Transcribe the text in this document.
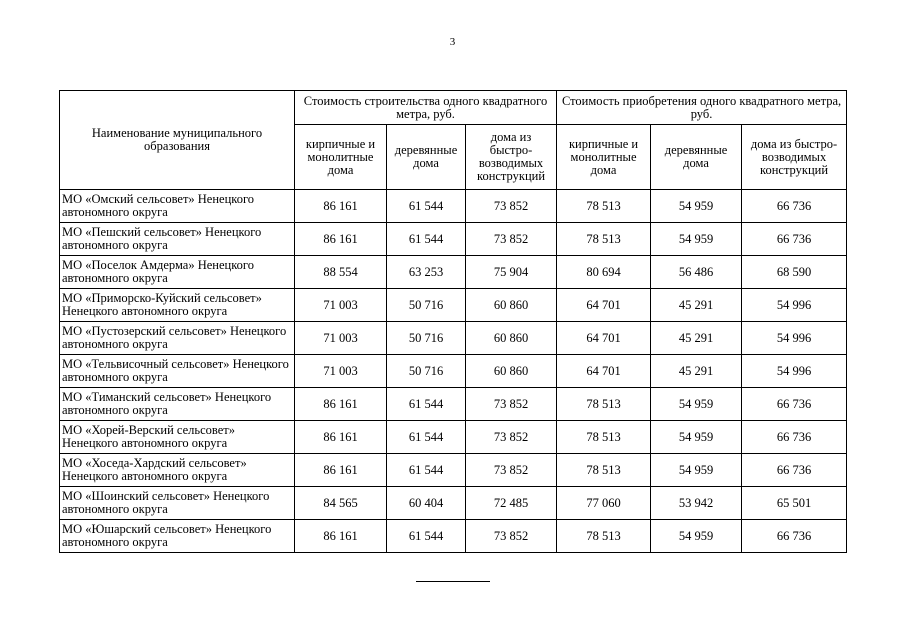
3
Наименование муниципального образования	Стоимость строительства одного квадратного метра, руб.			Стоимость приобретения одного квадратного метра, руб.		
	кирпичные и монолитные дома	деревянные дома	дома из быстро-возводимых конструкций	кирпичные и монолитные дома	деревянные дома	дома из быстро-возводимых конструкций
МО «Омский сельсовет» Ненецкого автономного округа	86 161	61 544	73 852	78 513	54 959	66 736
МО «Пешский сельсовет» Ненецкого автономного округа	86 161	61 544	73 852	78 513	54 959	66 736
МО «Поселок Амдерма» Ненецкого автономного округа	88 554	63 253	75 904	80 694	56 486	68 590
МО «Приморско-Куйский сельсовет» Ненецкого автономного округа	71 003	50 716	60 860	64 701	45 291	54 996
МО «Пустозерский сельсовет» Ненецкого автономного округа	71 003	50 716	60 860	64 701	45 291	54 996
МО «Тельвисочный сельсовет» Ненецкого автономного округа	71 003	50 716	60 860	64 701	45 291	54 996
МО «Тиманский сельсовет» Ненецкого автономного округа	86 161	61 544	73 852	78 513	54 959	66 736
МО «Хорей-Верский сельсовет» Ненецкого автономного округа	86 161	61 544	73 852	78 513	54 959	66 736
МО «Хоседа-Хардский сельсовет» Ненецкого автономного округа	86 161	61 544	73 852	78 513	54 959	66 736
МО «Шоинский сельсовет» Ненецкого автономного округа	84 565	60 404	72 485	77 060	53 942	65 501
МО «Юшарский сельсовет» Ненецкого автономного округа	86 161	61 544	73 852	78 513	54 959	66 736
